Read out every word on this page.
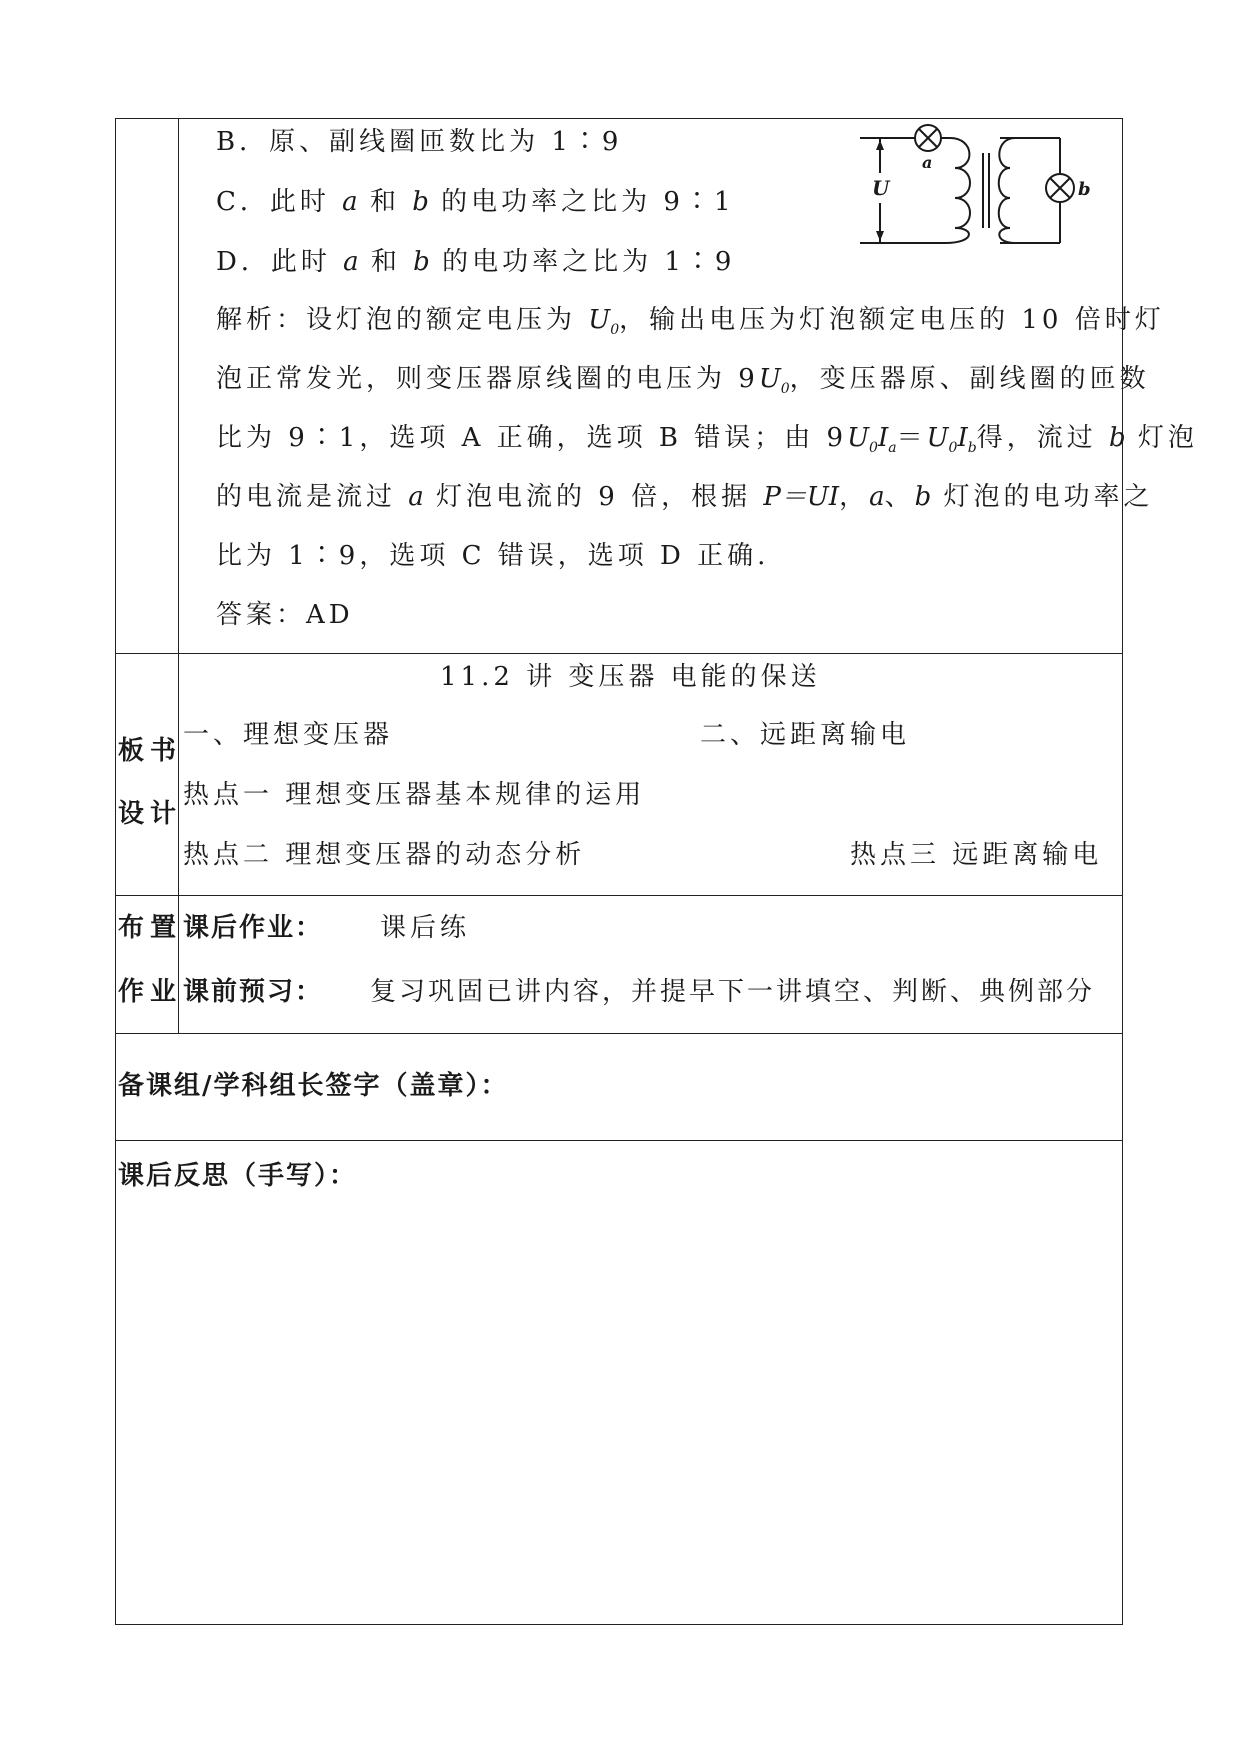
B．原、副线圈匝数比为 1∶9
C．此时 a 和 b 的电功率之比为 9∶1
D．此时 a 和 b 的电功率之比为 1∶9
U
a
b
解析：设灯泡的额定电压为 $U_0$，输出电压为灯泡额定电压的 10 倍时灯
泡正常发光，则变压器原线圈的电压为 $9U_0$，变压器原、副线圈的匝数
比为 9∶1，选项 A 正确，选项 B 错误；由 $9U_0I_a=U_0I_b$得，流过 b 灯泡
的电流是流过 a 灯泡电流的 9 倍，根据 P＝UI，a、b 灯泡的电功率之
比为 1∶9，选项 C 错误，选项 D 正确.
答案：AD
板书
设计
11.2 讲 变压器 电能的保送
一、理想变压器	二、远距离输电
热点一 理想变压器基本规律的运用
热点二 理想变压器的动态分析	热点三 远距离输电
布置
作业
课后作业： 课后练
课前预习： 复习巩固已讲内容，并提早下一讲填空、判断、典例部分
备课组/学科组长签字（盖章）：
课后反思（手写）：
